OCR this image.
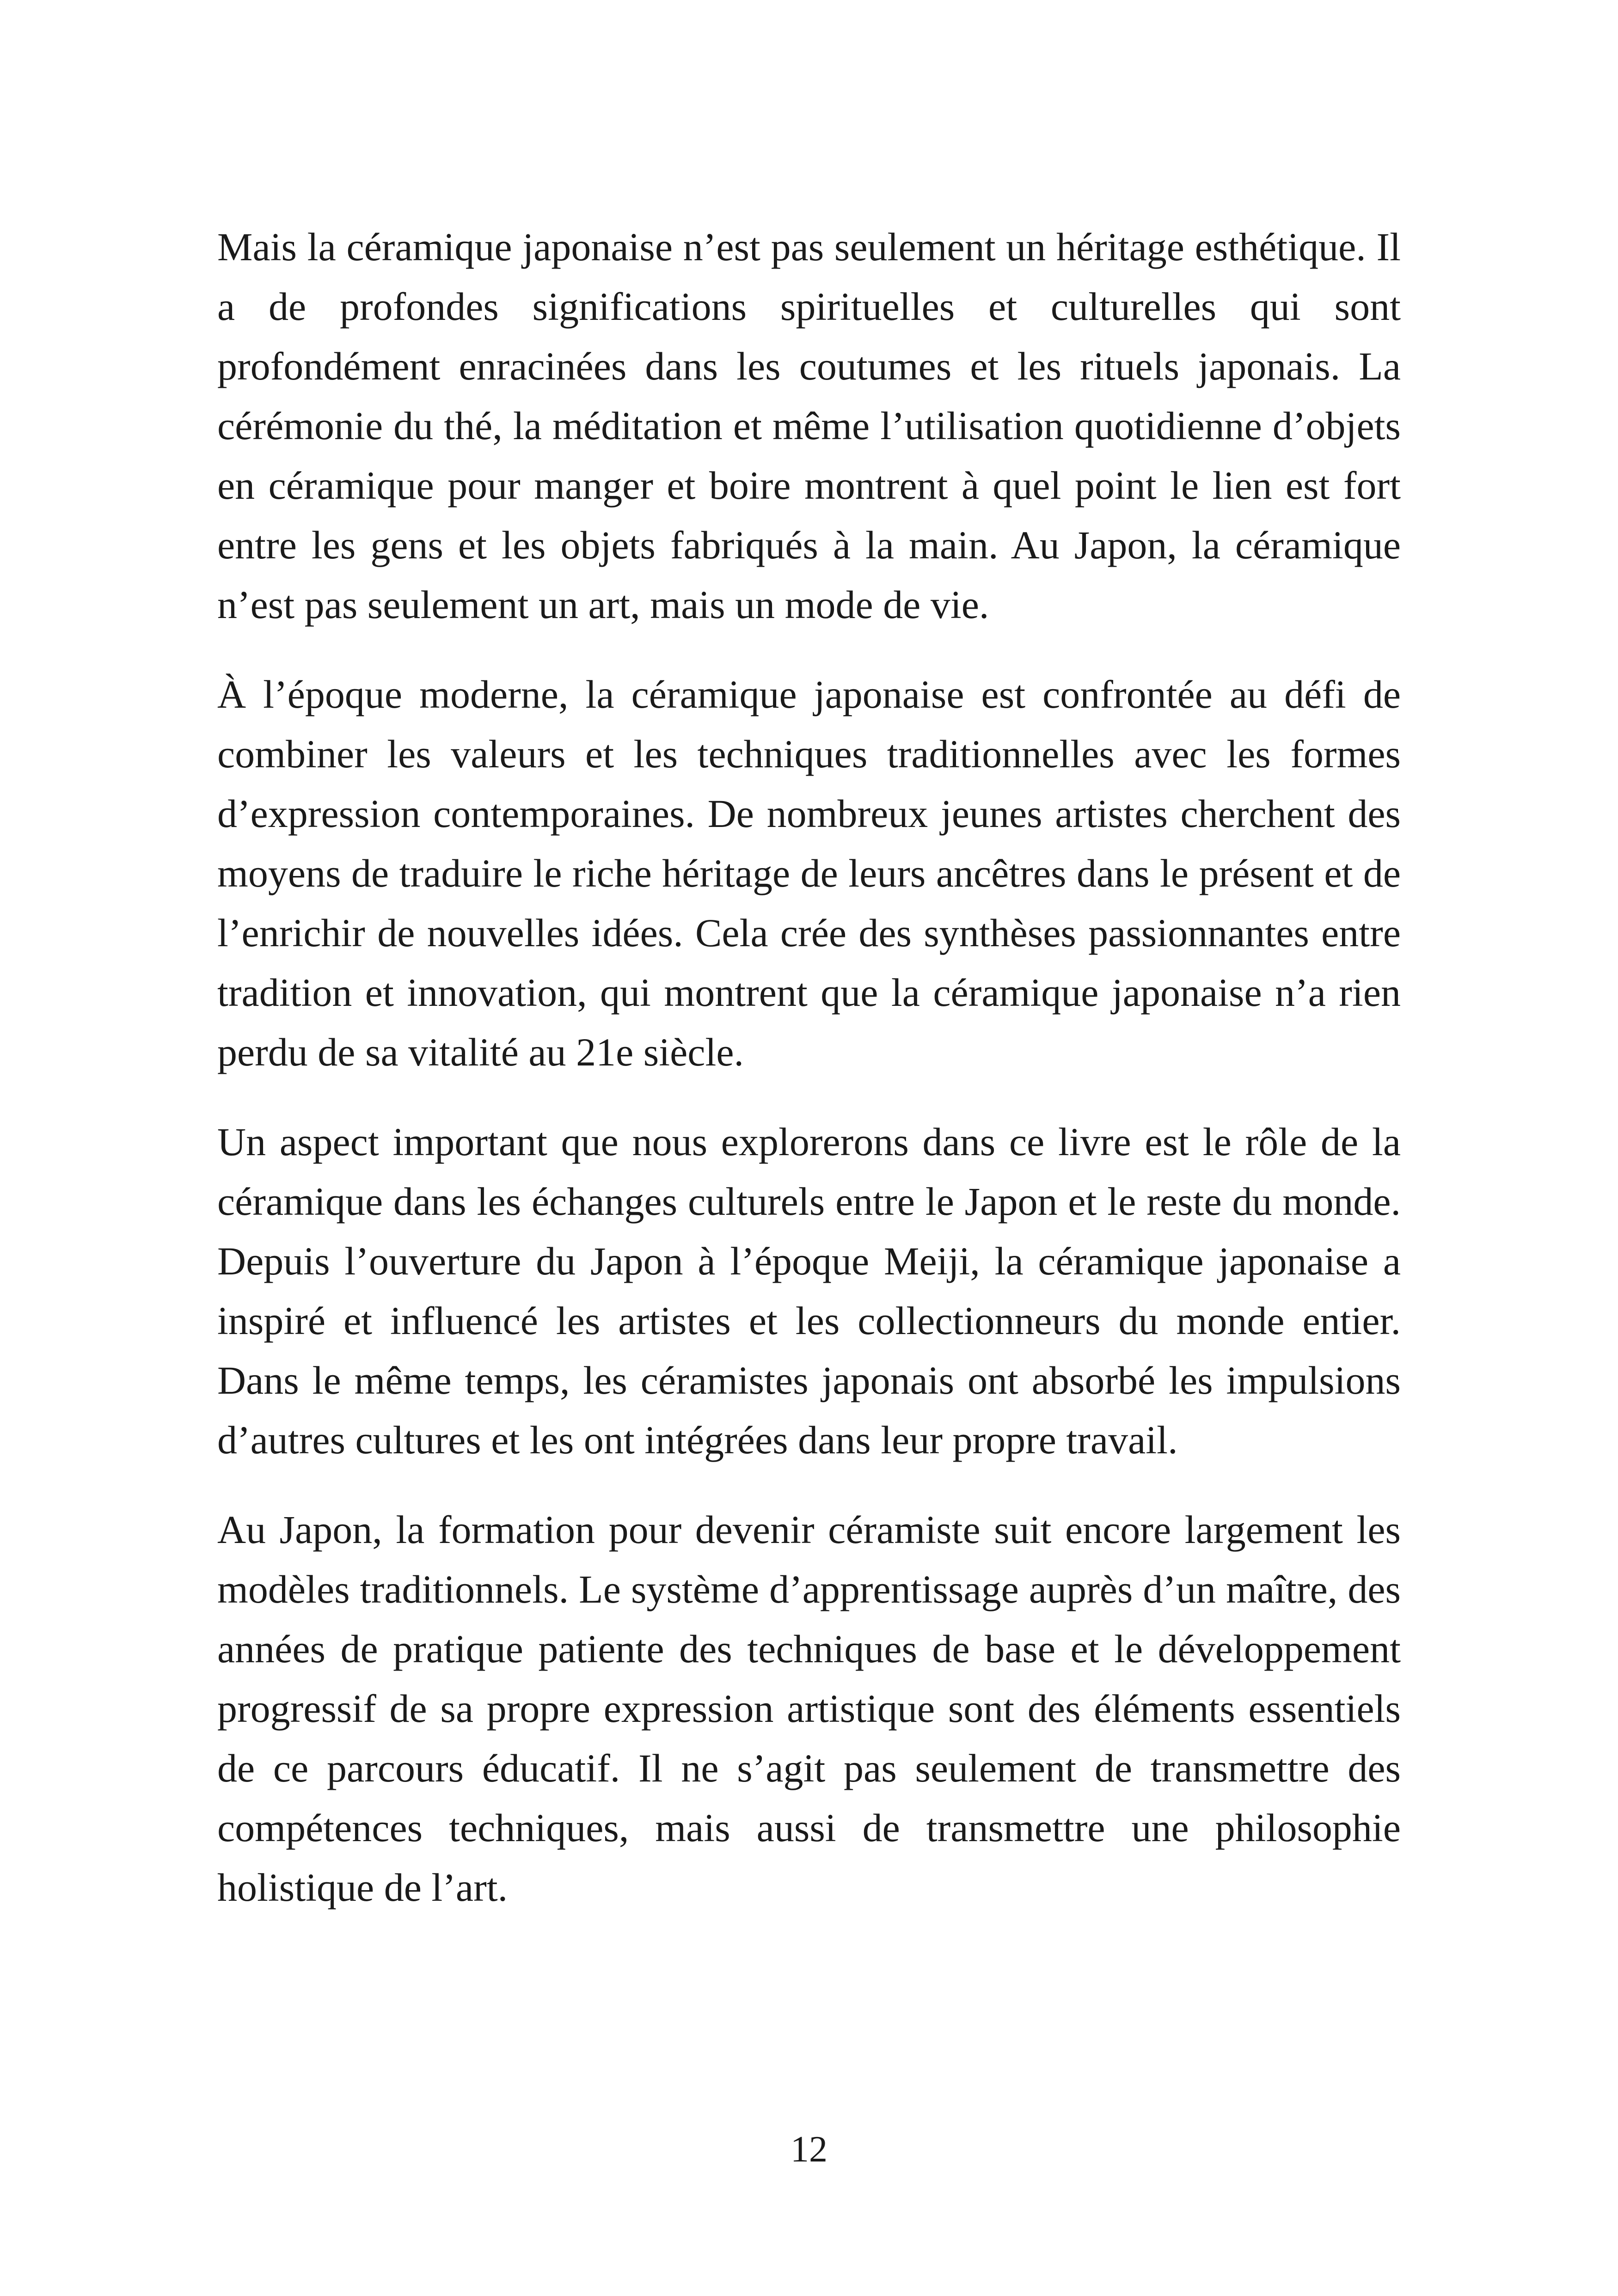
Mais la céramique japonaise n’est pas seulement un héritage esthétique. Il a de profondes significations spirituelles et culturelles qui sont profondément enracinées dans les coutumes et les rituels japonais. La cérémonie du thé, la méditation et même l’utilisation quotidienne d’objets en céramique pour manger et boire montrent à quel point le lien est fort entre les gens et les objets fabriqués à la main. Au Japon, la céramique n’est pas seulement un art, mais un mode de vie.

À l’époque moderne, la céramique japonaise est confrontée au défi de combiner les valeurs et les techniques traditionnelles avec les formes d’expression contemporaines. De nombreux jeunes artistes cherchent des moyens de traduire le riche héritage de leurs ancêtres dans le présent et de l’enrichir de nouvelles idées. Cela crée des synthèses passionnantes entre tradition et innovation, qui montrent que la céramique japonaise n’a rien perdu de sa vitalité au 21e siècle.

Un aspect important que nous explorerons dans ce livre est le rôle de la céramique dans les échanges culturels entre le Japon et le reste du monde. Depuis l’ouverture du Japon à l’époque Meiji, la céramique japonaise a inspiré et influencé les artistes et les collectionneurs du monde entier. Dans le même temps, les céramistes japonais ont absorbé les impulsions d’autres cultures et les ont intégrées dans leur propre travail.

Au Japon, la formation pour devenir céramiste suit encore largement les modèles traditionnels. Le système d’apprentissage auprès d’un maître, des années de pratique patiente des techniques de base et le développement progressif de sa propre expression artistique sont des éléments essentiels de ce parcours éducatif. Il ne s’agit pas seulement de transmettre des compétences techniques, mais aussi de transmettre une philosophie holistique de l’art.

12
